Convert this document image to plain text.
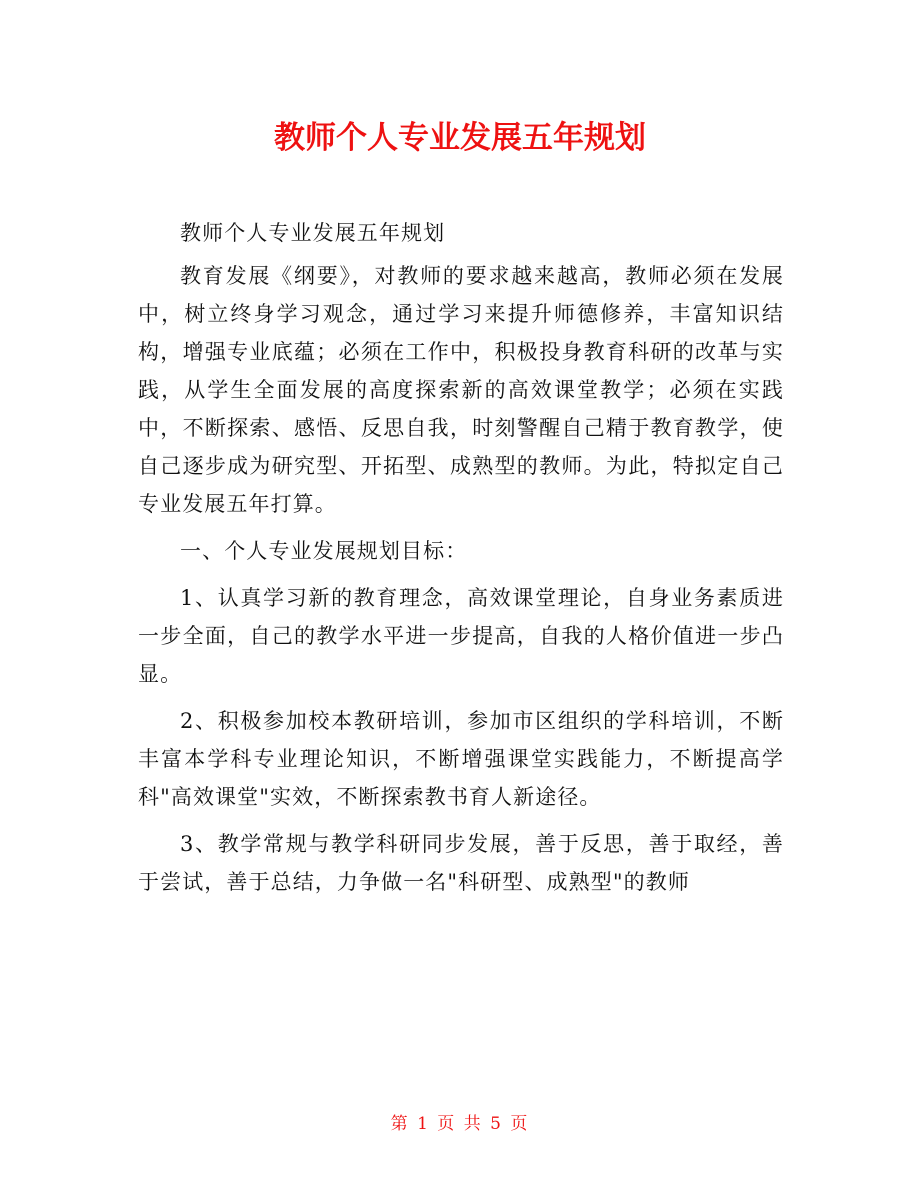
教师个人专业发展五年规划

教师个人专业发展五年规划

教育发展《纲要》，对教师的要求越来越高，教师必须在发展中，树立终身学习观念，通过学习来提升师德修养，丰富知识结构，增强专业底蕴；必须在工作中，积极投身教育科研的改革与实践，从学生全面发展的高度探索新的高效课堂教学；必须在实践中，不断探索、感悟、反思自我，时刻警醒自己精于教育教学，使自己逐步成为研究型、开拓型、成熟型的教师。为此，特拟定自己专业发展五年打算。

一、个人专业发展规划目标：

1、认真学习新的教育理念，高效课堂理论，自身业务素质进一步全面，自己的教学水平进一步提高，自我的人格价值进一步凸显。

2、积极参加校本教研培训，参加市区组织的学科培训，不断丰富本学科专业理论知识，不断增强课堂实践能力，不断提高学科"高效课堂"实效，不断探索教书育人新途径。

3、教学常规与教学科研同步发展，善于反思，善于取经，善于尝试，善于总结，力争做一名"科研型、成熟型"的教师

第 1 页 共 5 页
